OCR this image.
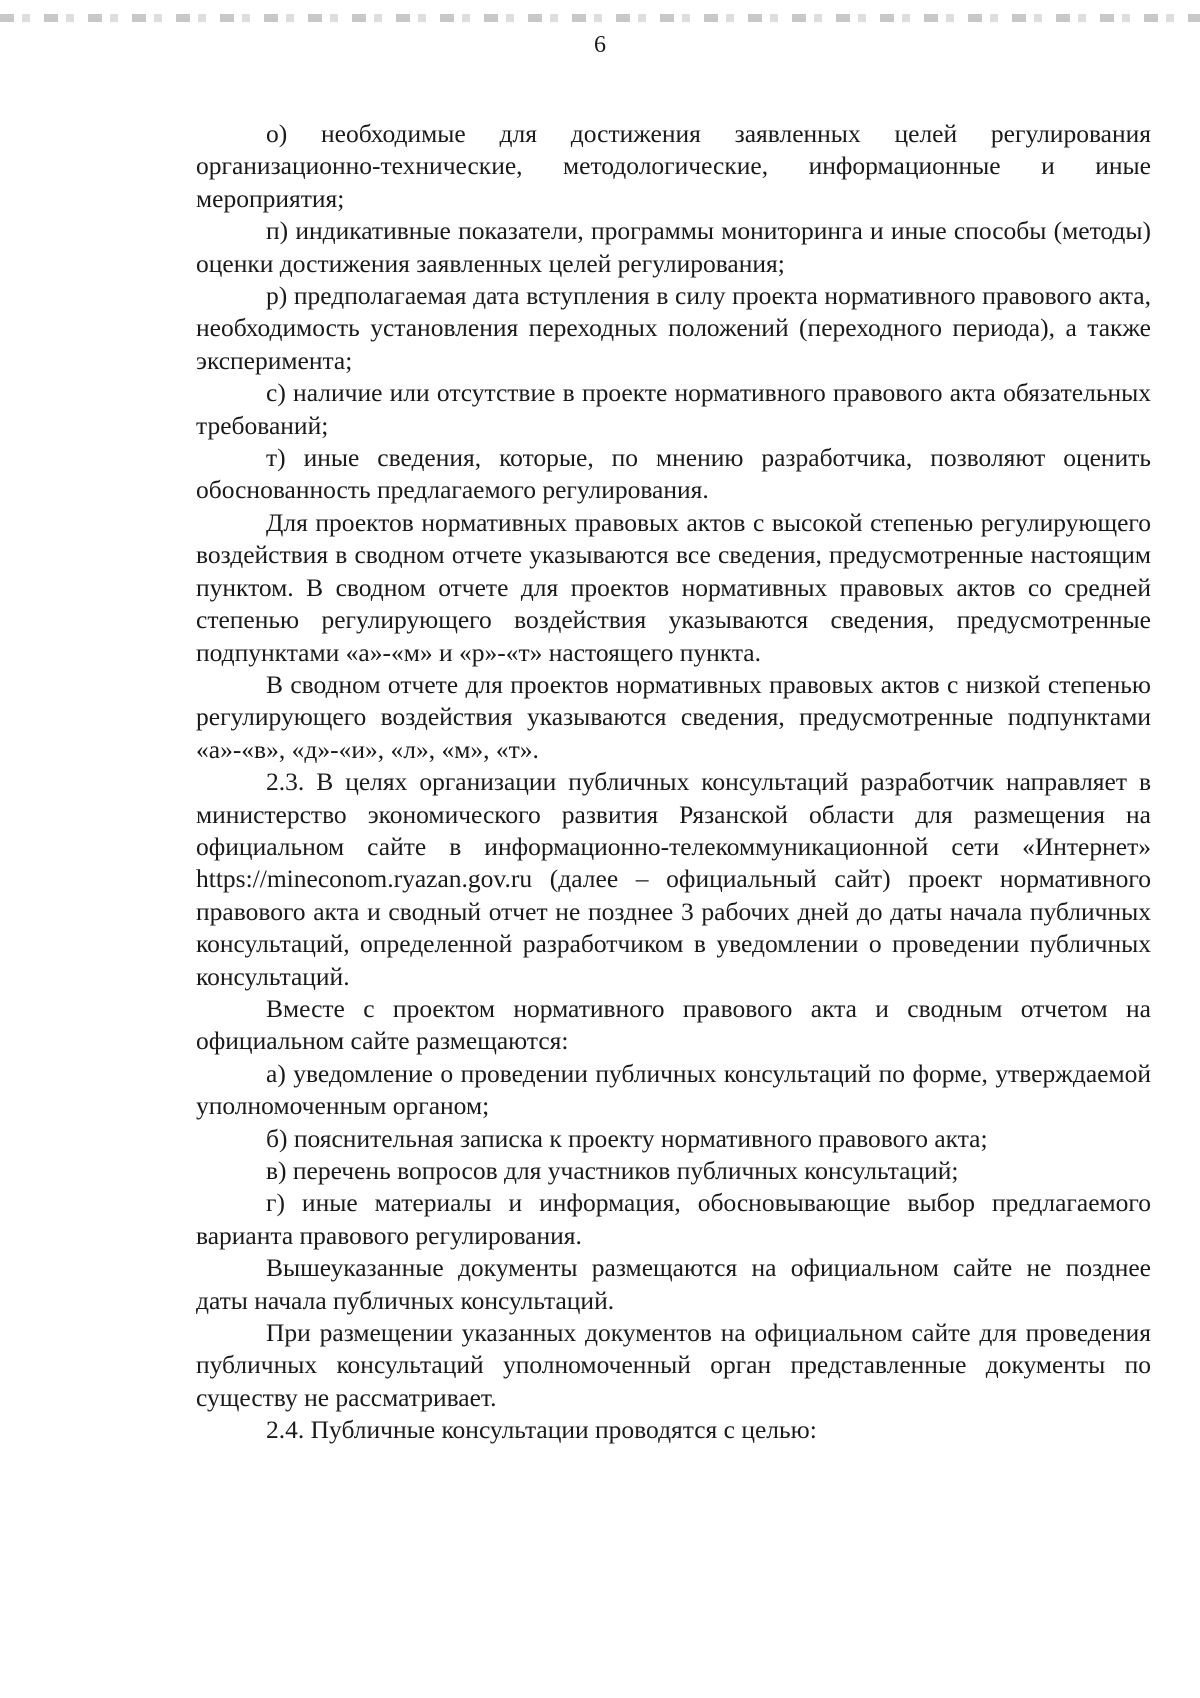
6

о) необходимые для достижения заявленных целей регулирования организационно-технические, методологические, информационные и иные мероприятия;

п) индикативные показатели, программы мониторинга и иные способы (методы) оценки достижения заявленных целей регулирования;

р) предполагаемая дата вступления в силу проекта нормативного правового акта, необходимость установления переходных положений (переходного периода), а также эксперимента;

с) наличие или отсутствие в проекте нормативного правового акта обязательных требований;

т) иные сведения, которые, по мнению разработчика, позволяют оценить обоснованность предлагаемого регулирования.

Для проектов нормативных правовых актов с высокой степенью регулирующего воздействия в сводном отчете указываются все сведения, предусмотренные настоящим пунктом. В сводном отчете для проектов нормативных правовых актов со средней степенью регулирующего воздействия указываются сведения, предусмотренные подпунктами «а»-«м» и «р»-«т» настоящего пункта.

В сводном отчете для проектов нормативных правовых актов с низкой степенью регулирующего воздействия указываются сведения, предусмотренные подпунктами «а»-«в», «д»-«и», «л», «м», «т».

2.3. В целях организации публичных консультаций разработчик направляет в министерство экономического развития Рязанской области для размещения на официальном сайте в информационно-телекоммуникационной сети «Интернет» https://mineconom.ryazan.gov.ru (далее – официальный сайт) проект нормативного правового акта и сводный отчет не позднее 3 рабочих дней до даты начала публичных консультаций, определенной разработчиком в уведомлении о проведении публичных консультаций.

Вместе с проектом нормативного правового акта и сводным отчетом на официальном сайте размещаются:

а) уведомление о проведении публичных консультаций по форме, утверждаемой уполномоченным органом;

б) пояснительная записка к проекту нормативного правового акта;

в) перечень вопросов для участников публичных консультаций;

г) иные материалы и информация, обосновывающие выбор предлагаемого варианта правового регулирования.

Вышеуказанные документы размещаются на официальном сайте не позднее даты начала публичных консультаций.

При размещении указанных документов на официальном сайте для проведения публичных консультаций уполномоченный орган представленные документы по существу не рассматривает.

2.4. Публичные консультации проводятся с целью:
